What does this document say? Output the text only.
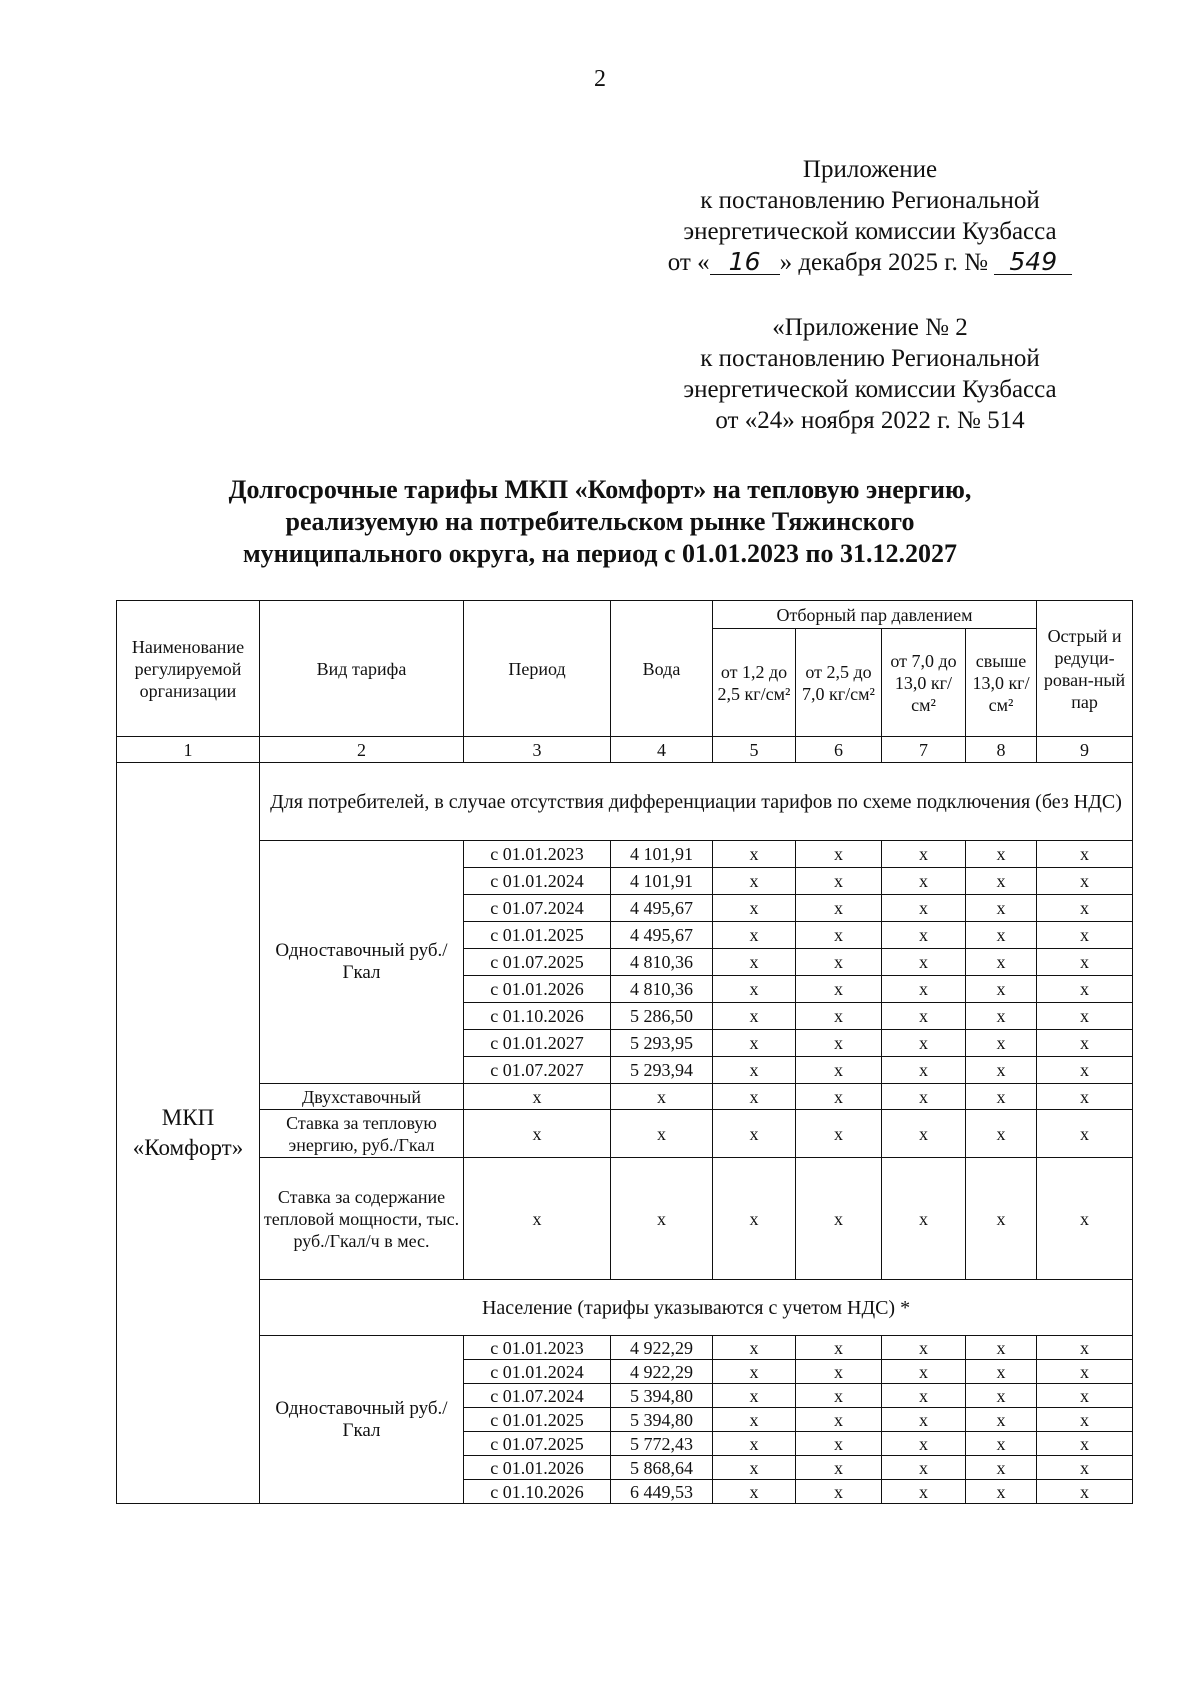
2
Приложение
к постановлению Региональной
энергетической комиссии Кузбасса
от « 16 » декабря 2025 г. № 549
«Приложение № 2
к постановлению Региональной
энергетической комиссии Кузбасса
от «24» ноября 2022 г. № 514
Долгосрочные тарифы МКП «Комфорт» на тепловую энергию,
реализуемую на потребительском рынке Тяжинского
муниципального округа, на период с 01.01.2023 по 31.12.2027
Наименование регулируемой организации	Вид тарифа	Период	Вода	Отборный пар давлением				Острый и редуци-рован-ный пар
				от 1,2 до 2,5 кг/см²	от 2,5 до 7,0 кг/см²	от 7,0 до 13,0 кг/см²	свыше 13,0 кг/см²	
1	2	3	4	5	6	7	8	9
МКП «Комфорт»	Для потребителей, в случае отсутствия дифференциации тарифов по схеме подключения (без НДС)							
	Одноставочный руб./Гкал	с 01.01.2023	4 101,91	х	х	х	х	х
		с 01.01.2024	4 101,91	х	х	х	х	х
		с 01.07.2024	4 495,67	х	х	х	х	х
		с 01.01.2025	4 495,67	х	х	х	х	х
		с 01.07.2025	4 810,36	х	х	х	х	х
		с 01.01.2026	4 810,36	х	х	х	х	х
		с 01.10.2026	5 286,50	х	х	х	х	х
		с 01.01.2027	5 293,95	х	х	х	х	х
		с 01.07.2027	5 293,94	х	х	х	х	х
	Двухставочный	х	х	х	х	х	х	х
	Ставка за тепловую энергию, руб./Гкал	х	х	х	х	х	х	х
	Ставка за содержание тепловой мощности, тыс. руб./Гкал/ч в мес.	х	х	х	х	х	х	х
	Население (тарифы указываются с учетом НДС) *							
	Одноставочный руб./Гкал	с 01.01.2023	4 922,29	х	х	х	х	х
		с 01.01.2024	4 922,29	х	х	х	х	х
		с 01.07.2024	5 394,80	х	х	х	х	х
		с 01.01.2025	5 394,80	х	х	х	х	х
		с 01.07.2025	5 772,43	х	х	х	х	х
		с 01.01.2026	5 868,64	х	х	х	х	х
		с 01.10.2026	6 449,53	х	х	х	х	х
